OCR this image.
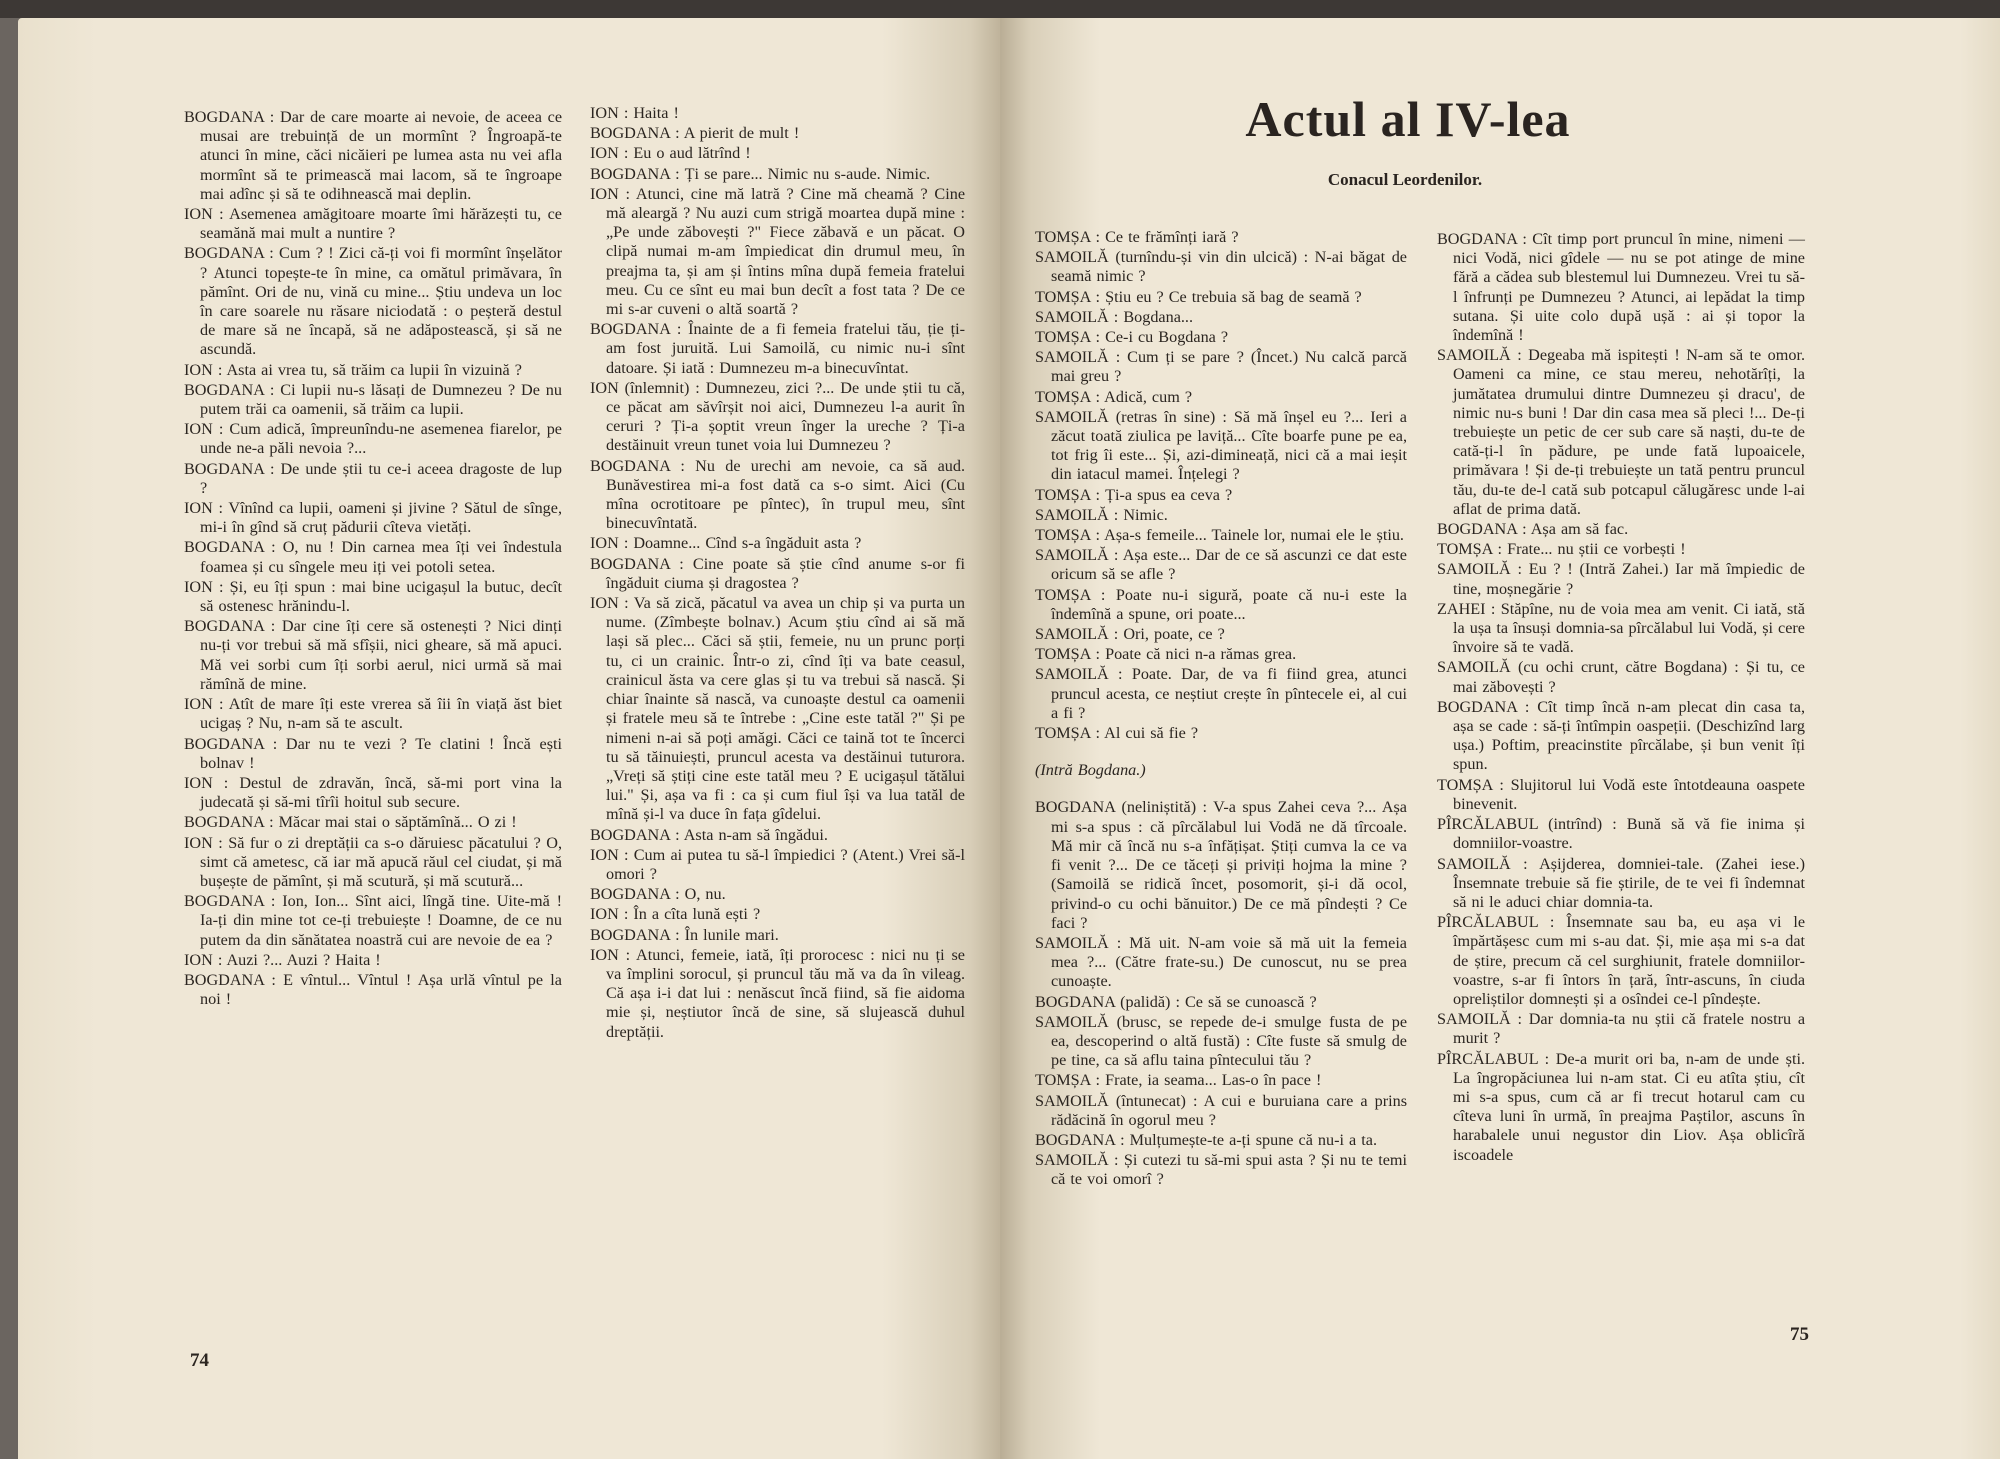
BOGDANA : Dar de care moarte ai nevoie, de aceea ce musai are trebuință de un mormînt ? Îngroapă-te atunci în mine, căci nicăieri pe lumea asta nu vei afla mormînt să te primească mai lacom, să te îngroape mai adînc și să te odihnească mai deplin.

ION : Asemenea amăgitoare moarte îmi hărăzești tu, ce seamănă mai mult a nuntire ?

BOGDANA : Cum ? ! Zici că-ți voi fi mormînt înșelător ? Atunci topește-te în mine, ca omătul primăvara, în pămînt. Ori de nu, vină cu mine... Știu undeva un loc în care soarele nu răsare niciodată : o peșteră destul de mare să ne încapă, să ne adăpostească, și să ne ascundă.

ION : Asta ai vrea tu, să trăim ca lupii în vizuină ?

BOGDANA : Ci lupii nu-s lăsați de Dumnezeu ? De nu putem trăi ca oamenii, să trăim ca lupii.

ION : Cum adică, împreunîndu-ne asemenea fiarelor, pe unde ne-a păli nevoia ?...

BOGDANA : De unde știi tu ce-i aceea dragoste de lup ?

ION : Vînînd ca lupii, oameni și jivine ? Sătul de sînge, mi-i în gînd să cruț pădurii cîteva vietăți.

BOGDANA : O, nu ! Din carnea mea îți vei îndestula foamea și cu sîngele meu iți vei potoli setea.

ION : Și, eu îți spun : mai bine ucigașul la butuc, decît să ostenesc hrănindu-l.

BOGDANA : Dar cine îți cere să ostenești ? Nici dinți nu-ți vor trebui să mă sfîșii, nici gheare, să mă apuci. Mă vei sorbi cum îți sorbi aerul, nici urmă să mai rămînă de mine.

ION : Atît de mare îți este vrerea să îii în viață ăst biet ucigaș ? Nu, n-am să te ascult.

BOGDANA : Dar nu te vezi ? Te clatini ! Încă ești bolnav !

ION : Destul de zdravăn, încă, să-mi port vina la judecată și să-mi tîrîi hoitul sub secure.

BOGDANA : Măcar mai stai o săptămînă... O zi !

ION : Să fur o zi dreptății ca s-o dăruiesc păcatului ? O, simt că ametesc, că iar mă apucă răul cel ciudat, și mă bușește de pămînt, și mă scutură, și mă scutură...

BOGDANA : Ion, Ion... Sînt aici, lîngă tine. Uite-mă ! Ia-ți din mine tot ce-ți trebuiește ! Doamne, de ce nu putem da din sănătatea noastră cui are nevoie de ea ?

ION : Auzi ?... Auzi ? Haita !

BOGDANA : E vîntul... Vîntul ! Așa urlă vîntul pe la noi !

ION : Haita !

BOGDANA : A pierit de mult !

ION : Eu o aud lătrînd !

BOGDANA : Ți se pare... Nimic nu s-aude. Nimic.

ION : Atunci, cine mă latră ? Cine mă cheamă ? Cine mă aleargă ? Nu auzi cum strigă moartea după mine : „Pe unde zăbovești ?" Fiece zăbavă e un păcat. O clipă numai m-am împiedicat din drumul meu, în preajma ta, și am și întins mîna după femeia fratelui meu. Cu ce sînt eu mai bun decît a fost tata ? De ce mi s-ar cuveni o altă soartă ?

BOGDANA : Înainte de a fi femeia fratelui tău, ție ți-am fost juruită. Lui Samoilă, cu nimic nu-i sînt datoare. Și iată : Dumnezeu m-a binecuvîntat.

ION (înlemnit) : Dumnezeu, zici ?... De unde știi tu că, ce păcat am săvîrșit noi aici, Dumnezeu l-a aurit în ceruri ? Ți-a șoptit vreun înger la ureche ? Ți-a destăinuit vreun tunet voia lui Dumnezeu ?

BOGDANA : Nu de urechi am nevoie, ca să aud. Bunăvestirea mi-a fost dată ca s-o simt. Aici (Cu mîna ocrotitoare pe pîntec), în trupul meu, sînt binecuvîntată.

ION : Doamne... Cînd s-a îngăduit asta ?

BOGDANA : Cine poate să știe cînd anume s-or fi îngăduit ciuma și dragostea ?

ION : Va să zică, păcatul va avea un chip și va purta un nume. (Zîmbește bolnav.) Acum știu cînd ai să mă lași să plec... Căci să știi, femeie, nu un prunc porți tu, ci un crainic. Într-o zi, cînd îți va bate ceasul, crainicul ăsta va cere glas și tu va trebui să nască. Și chiar înainte să nască, va cunoaște destul ca oamenii și fratele meu să te întrebe : „Cine este tatăl ?" Și pe nimeni n-ai să poți amăgi. Căci ce taină tot te încerci tu să tăinuiești, pruncul acesta va destăinui tuturora. „Vreți să știți cine este tatăl meu ? E ucigașul tătălui lui." Și, așa va fi : ca și cum fiul își va lua tatăl de mînă și-l va duce în fața gîdelui.

BOGDANA : Asta n-am să îngădui.

ION : Cum ai putea tu să-l împiedici ? (Atent.) Vrei să-l omori ?

BOGDANA : O, nu.

ION : În a cîta lună ești ?

BOGDANA : În lunile mari.

ION : Atunci, femeie, iată, îți prorocesc : nici nu ți se va împlini sorocul, și pruncul tău mă va da în vileag. Că așa i-i dat lui : nenăscut încă fiind, să fie aidoma mie și, neștiutor încă de sine, să slujească duhul dreptății.

Actul al IV-lea
Conacul Leordenilor.

TOMȘA : Ce te frămînți iară ?

SAMOILĂ (turnîndu-și vin din ulcică) : N-ai băgat de seamă nimic ?

TOMȘA : Știu eu ? Ce trebuia să bag de seamă ?

SAMOILĂ : Bogdana...

TOMȘA : Ce-i cu Bogdana ?

SAMOILĂ : Cum ți se pare ? (Încet.) Nu calcă parcă mai greu ?

TOMȘA : Adică, cum ?

SAMOILĂ (retras în sine) : Să mă înșel eu ?... Ieri a zăcut toată ziulica pe laviță... Cîte boarfe pune pe ea, tot frig îi este... Și, azi-dimineață, nici că a mai ieșit din iatacul mamei. Înțelegi ?

TOMȘA : Ți-a spus ea ceva ?

SAMOILĂ : Nimic.

TOMȘA : Așa-s femeile... Tainele lor, numai ele le știu.

SAMOILĂ : Așa este... Dar de ce să ascunzi ce dat este oricum să se afle ?

TOMȘA : Poate nu-i sigură, poate că nu-i este la îndemînă a spune, ori poate...

SAMOILĂ : Ori, poate, ce ?

TOMȘA : Poate că nici n-a rămas grea.

SAMOILĂ : Poate. Dar, de va fi fiind grea, atunci pruncul acesta, ce neștiut crește în pîntecele ei, al cui a fi ?

TOMȘA : Al cui să fie ?

(Intră Bogdana.)

BOGDANA (neliniștită) : V-a spus Zahei ceva ?... Așa mi s-a spus : că pîrcălabul lui Vodă ne dă tîrcoale. Mă mir că încă nu s-a înfățișat. Știți cumva la ce va fi venit ?... De ce tăceți și priviți hojma la mine ? (Samoilă se ridică încet, posomorit, și-i dă ocol, privind-o cu ochi bănuitor.) De ce mă pîndești ? Ce faci ?

SAMOILĂ : Mă uit. N-am voie să mă uit la femeia mea ?... (Către frate-su.) De cunoscut, nu se prea cunoaște.

BOGDANA (palidă) : Ce să se cunoască ?

SAMOILĂ (brusc, se repede de-i smulge fusta de pe ea, descoperind o altă fustă) : Cîte fuste să smulg de pe tine, ca să aflu taina pîntecului tău ?

TOMȘA : Frate, ia seama... Las-o în pace !

SAMOILĂ (întunecat) : A cui e buruiana care a prins rădăcină în ogorul meu ?

BOGDANA : Mulțumește-te a-ți spune că nu-i a ta.

SAMOILĂ : Și cutezi tu să-mi spui asta ? Și nu te temi că te voi omorî ?

BOGDANA : Cît timp port pruncul în mine, nimeni — nici Vodă, nici gîdele — nu se pot atinge de mine fără a cădea sub blestemul lui Dumnezeu. Vrei tu să-l înfrunți pe Dumnezeu ? Atunci, ai lepădat la timp sutana. Și uite colo după ușă : ai și topor la îndemînă !

SAMOILĂ : Degeaba mă ispitești ! N-am să te omor. Oameni ca mine, ce stau mereu, nehotărîți, la jumătatea drumului dintre Dumnezeu și dracu', de nimic nu-s buni ! Dar din casa mea să pleci !... De-ți trebuiește un petic de cer sub care să naști, du-te de cată-ți-l în pădure, pe unde fată lupoaicele, primăvara ! Și de-ți trebuiește un tată pentru pruncul tău, du-te de-l cată sub potcapul călugăresc unde l-ai aflat de prima dată.

BOGDANA : Așa am să fac.

TOMȘA : Frate... nu știi ce vorbești !

SAMOILĂ : Eu ? ! (Intră Zahei.) Iar mă împiedic de tine, moșnegărie ?

ZAHEI : Stăpîne, nu de voia mea am venit. Ci iată, stă la ușa ta însuși domnia-sa pîrcălabul lui Vodă, și cere învoire să te vadă.

SAMOILĂ (cu ochi crunt, către Bogdana) : Și tu, ce mai zăbovești ?

BOGDANA : Cît timp încă n-am plecat din casa ta, așa se cade : să-ți întîmpin oaspeții. (Deschizînd larg ușa.) Poftim, preacinstite pîrcălabe, și bun venit îți spun.

TOMȘA : Slujitorul lui Vodă este întotdeauna oaspete binevenit.

PÎRCĂLABUL (intrînd) : Bună să vă fie inima și domniilor-voastre.

SAMOILĂ : Așijderea, domniei-tale. (Zahei iese.) Însemnate trebuie să fie știrile, de te vei fi îndemnat să ni le aduci chiar domnia-ta.

PÎRCĂLABUL : Însemnate sau ba, eu așa vi le împărtășesc cum mi s-au dat. Și, mie așa mi s-a dat de știre, precum că cel surghiunit, fratele domniilor-voastre, s-ar fi întors în țară, într-ascuns, în ciuda opreliștilor domnești și a osîndei ce-l pîndește.

SAMOILĂ : Dar domnia-ta nu știi că fratele nostru a murit ?

PÎRCĂLABUL : De-a murit ori ba, n-am de unde ști. La îngropăciunea lui n-am stat. Ci eu atîta știu, cît mi s-a spus, cum că ar fi trecut hotarul cam cu cîteva luni în urmă, în preajma Paștilor, ascuns în harabalele unui negustor din Liov. Așa oblicîră iscoadele

74
75
